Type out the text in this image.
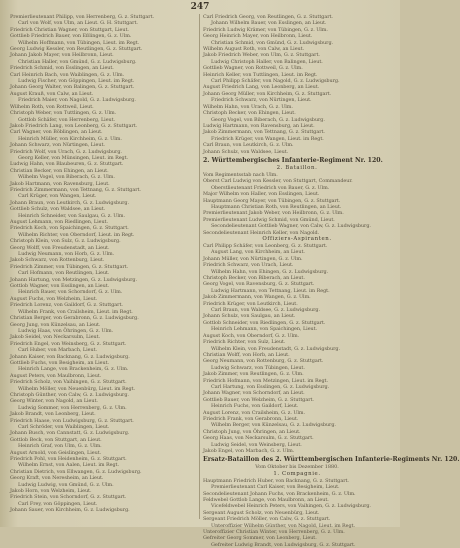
247
Premierlieutenant Philipp, von Herrenberg, G. z. Stuttgart.
Carl von Wolf, von Ulm, an Lieut. G. H. Stuttgart.
Friedrich Christian Wagner, von Stuttgart, Lieut.
Gottlieb Friedrich Bauer, von Eßlingen, G. z. Ulm.
Wilhelm Hoffmann, von Tübingen, Lieut. im Regt.
Georg Ludwig Kessler, von Reutlingen, G. z. Stuttgart.
Johann Jakob Mayer, von Heilbronn, Lieut.
Christian Haller, von Gmünd, G. z. Ludwigsburg.
Friedrich Schmid, von Esslingen, an Lieut.
Carl Heinrich Bach, von Waiblingen, G. z. Ulm.
Ludwig Fischer, von Göppingen, Lieut. im Regt.
Johann Georg Walter, von Balingen, G. z. Stuttgart.
August Krauß, von Calw, an Lieut.
Friedrich Maier, von Nagold, G. z. Ludwigsburg.
Wilhelm Roth, von Rottweil, Lieut.
Christoph Weber, von Tuttlingen, G. z. Ulm.
Gottlob Schäfer, von Herrenberg, Lieut.
Jakob Friedrich Lang, von Leonberg, G. z. Stuttgart.
Carl Wagner, von Böblingen, an Lieut.
Heinrich Müller, von Kirchheim, G. z. Ulm.
Johann Schwarz, von Nürtingen, Lieut.
Friedrich Wolf, von Urach, G. z. Ludwigsburg.
Georg Keller, von Münsingen, Lieut. im Regt.
Ludwig Hahn, von Blaubeuren, G. z. Stuttgart.
Christian Becker, von Ehingen, an Lieut.
Wilhelm Vogel, von Biberach, G. z. Ulm.
Jakob Hartmann, von Ravensburg, Lieut.
Friedrich Zimmermann, von Tettnang, G. z. Stuttgart.
Carl Krüger, von Wangen, Lieut.
Johann Braun, von Leutkirch, G. z. Ludwigsburg.
Gottlieb Schulz, von Waldsee, an Lieut.
Heinrich Schneider, von Saulgau, G. z. Ulm.
August Lehmann, von Riedlingen, Lieut.
Friedrich Koch, von Spaichingen, G. z. Stuttgart.
Wilhelm Richter, von Oberndorf, Lieut. im Regt.
Christoph Klein, von Sulz, G. z. Ludwigsburg.
Georg Wolff, von Freudenstadt, an Lieut.
Ludwig Neumann, von Horb, G. z. Ulm.
Jakob Schwarz, von Rottenburg, Lieut.
Friedrich Zimmer, von Tübingen, G. z. Stuttgart.
Carl Hofmann, von Reutlingen, Lieut.
Johann Hartung, von Metzingen, G. z. Ludwigsburg.
Gottlob Wagner, von Esslingen, an Lieut.
Heinrich Bauer, von Schorndorf, G. z. Ulm.
August Fuchs, von Welzheim, Lieut.
Friedrich Lorenz, von Gaildorf, G. z. Stuttgart.
Wilhelm Frank, von Crailsheim, Lieut. im Regt.
Christian Berger, von Gerabronn, G. z. Ludwigsburg.
Georg Jung, von Künzelsau, an Lieut.
Ludwig Haas, von Öhringen, G. z. Ulm.
Jakob Seidel, von Neckarsulm, Lieut.
Friedrich Engel, von Weinsberg, G. z. Stuttgart.
Carl Huber, von Marbach, Lieut.
Johann Kaiser, von Backnang, G. z. Ludwigsburg.
Gottlieb Fuchs, von Besigheim, an Lieut.
Heinrich Lange, von Brackenheim, G. z. Ulm.
August Peters, von Maulbronn, Lieut.
Friedrich Scholz, von Vaihingen, G. z. Stuttgart.
Wilhelm Möller, von Neuenbürg, Lieut. im Regt.
Christoph Günther, von Calw, G. z. Ludwigsburg.
Georg Winter, von Nagold, an Lieut.
Ludwig Sommer, von Herrenberg, G. z. Ulm.
Jakob Brandt, von Leonberg, Lieut.
Friedrich Haase, von Ludwigsburg, G. z. Stuttgart.
Carl Schröder, von Waiblingen, Lieut.
Johann Busch, von Cannstatt, G. z. Ludwigsburg.
Gottlob Beck, von Stuttgart, an Lieut.
Heinrich Graf, von Ulm, G. z. Ulm.
August Arnold, von Geislingen, Lieut.
Friedrich Pohl, von Heidenheim, G. z. Stuttgart.
Wilhelm Ernst, von Aalen, Lieut. im Regt.
Christian Dietrich, von Ellwangen, G. z. Ludwigsburg.
Georg Kraft, von Neresheim, an Lieut.
Ludwig Ludwig, von Gmünd, G. z. Ulm.
Jakob Horn, von Welzheim, Lieut.
Friedrich Stein, von Schorndorf, G. z. Stuttgart.
Carl Frey, von Göppingen, Lieut.
Johann Sauer, von Kirchheim, G. z. Ludwigsburg.
Carl Friedrich Georg, von Reutlingen, G. z. Stuttgart.
Johann Wilhelm Bauer, von Esslingen, an Lieut.
Friedrich Ludwig Krämer, von Tübingen, G. z. Ulm.
Georg Heinrich Mayer, von Heilbronn, Lieut.
Christian Schmid, von Gmünd, G. z. Ludwigsburg.
Wilhelm August Roth, von Calw, an Lieut.
Jakob Friedrich Weber, von Ulm, G. z. Stuttgart.
Ludwig Christoph Haller, von Balingen, Lieut.
Gottlieb Wagner, von Rottweil, G. z. Ulm.
Heinrich Keller, von Tuttlingen, Lieut. im Regt.
Carl Philipp Schäfer, von Nagold, G. z. Ludwigsburg.
August Friedrich Lang, von Leonberg, an Lieut.
Johann Georg Müller, von Kirchheim, G. z. Stuttgart.
Friedrich Schwarz, von Nürtingen, Lieut.
Wilhelm Hahn, von Urach, G. z. Ulm.
Christoph Becker, von Ehingen, Lieut.
Georg Vogel, von Biberach, G. z. Ludwigsburg.
Ludwig Hartmann, von Ravensburg, an Lieut.
Jakob Zimmermann, von Tettnang, G. z. Stuttgart.
Friedrich Krüger, von Wangen, Lieut. im Regt.
Carl Braun, von Leutkirch, G. z. Ulm.
Johann Schulz, von Waldsee, Lieut.
2. Württembergisches Infanterie-Regiment Nr. 120.
2. Bataillon.
Vom Regimentsstab nach Ulm.
Oberst Carl Ludwig von Kessler, von Stuttgart, Commandeur.
Oberstlieutenant Friedrich von Bauer, G. z. Ulm.
Major Wilhelm von Haller, von Esslingen, Lieut.
Hauptmann Georg Mayer, von Tübingen, G. z. Stuttgart.
Hauptmann Christian Roth, von Reutlingen, an Lieut.
Premierlieutenant Jakob Weber, von Heilbronn, G. z. Ulm.
Premierlieutenant Ludwig Schmid, von Gmünd, Lieut.
Secondelieutenant Gottlieb Wagner, von Calw, G. z. Ludwigsburg.
Secondelieutenant Heinrich Keller, von Nagold.
Offiziers-Aspiranten.
Carl Philipp Schäfer, von Leonberg, G. z. Stuttgart.
August Lang, von Kirchheim, an Lieut.
Johann Müller, von Nürtingen, G. z. Ulm.
Friedrich Schwarz, von Urach, Lieut.
Wilhelm Hahn, von Ehingen, G. z. Ludwigsburg.
Christoph Becker, von Biberach, an Lieut.
Georg Vogel, von Ravensburg, G. z. Stuttgart.
Ludwig Hartmann, von Tettnang, Lieut. im Regt.
Jakob Zimmermann, von Wangen, G. z. Ulm.
Friedrich Krüger, von Leutkirch, Lieut.
Carl Braun, von Waldsee, G. z. Ludwigsburg.
Johann Schulz, von Saulgau, an Lieut.
Gottlob Schneider, von Riedlingen, G. z. Stuttgart.
Heinrich Lehmann, von Spaichingen, Lieut.
August Koch, von Oberndorf, G. z. Ulm.
Friedrich Richter, von Sulz, Lieut.
Wilhelm Klein, von Freudenstadt, G. z. Ludwigsburg.
Christian Wolff, von Horb, an Lieut.
Georg Neumann, von Rottenburg, G. z. Stuttgart.
Ludwig Schwarz, von Tübingen, Lieut.
Jakob Zimmer, von Reutlingen, G. z. Ulm.
Friedrich Hofmann, von Metzingen, Lieut. im Regt.
Carl Hartung, von Esslingen, G. z. Ludwigsburg.
Johann Wagner, von Schorndorf, an Lieut.
Gottlieb Bauer, von Welzheim, G. z. Stuttgart.
Heinrich Fuchs, von Gaildorf, Lieut.
August Lorenz, von Crailsheim, G. z. Ulm.
Friedrich Frank, von Gerabronn, Lieut.
Wilhelm Berger, von Künzelsau, G. z. Ludwigsburg.
Christoph Jung, von Öhringen, an Lieut.
Georg Haas, von Neckarsulm, G. z. Stuttgart.
Ludwig Seidel, von Weinsberg, Lieut.
Jakob Engel, von Marbach, G. z. Ulm.
Ersatz-Bataillon des 2. Württembergischen Infanterie-Regiments Nr. 120.
Vom Oktober bis Dezember 1880.
1. Compagnie.
Hauptmann Friedrich Huber, von Backnang, G. z. Stuttgart.
Premierlieutenant Carl Kaiser, von Besigheim, Lieut.
Secondelieutenant Johann Fuchs, von Brackenheim, G. z. Ulm.
Feldwebel Gottlob Lange, von Maulbronn, an Lieut.
Vicefeldwebel Heinrich Peters, von Vaihingen, G. z. Ludwigsburg.
Sergeant August Scholz, von Neuenbürg, Lieut.
Sergeant Friedrich Möller, von Calw, G. z. Stuttgart.
Unteroffizier Wilhelm Günther, von Nagold, Lieut. im Regt.
Unteroffizier Christian Winter, von Herrenberg, G. z. Ulm.
Gefreiter Georg Sommer, von Leonberg, Lieut.
Gefreiter Ludwig Brandt, von Ludwigsburg, G. z. Stuttgart.
